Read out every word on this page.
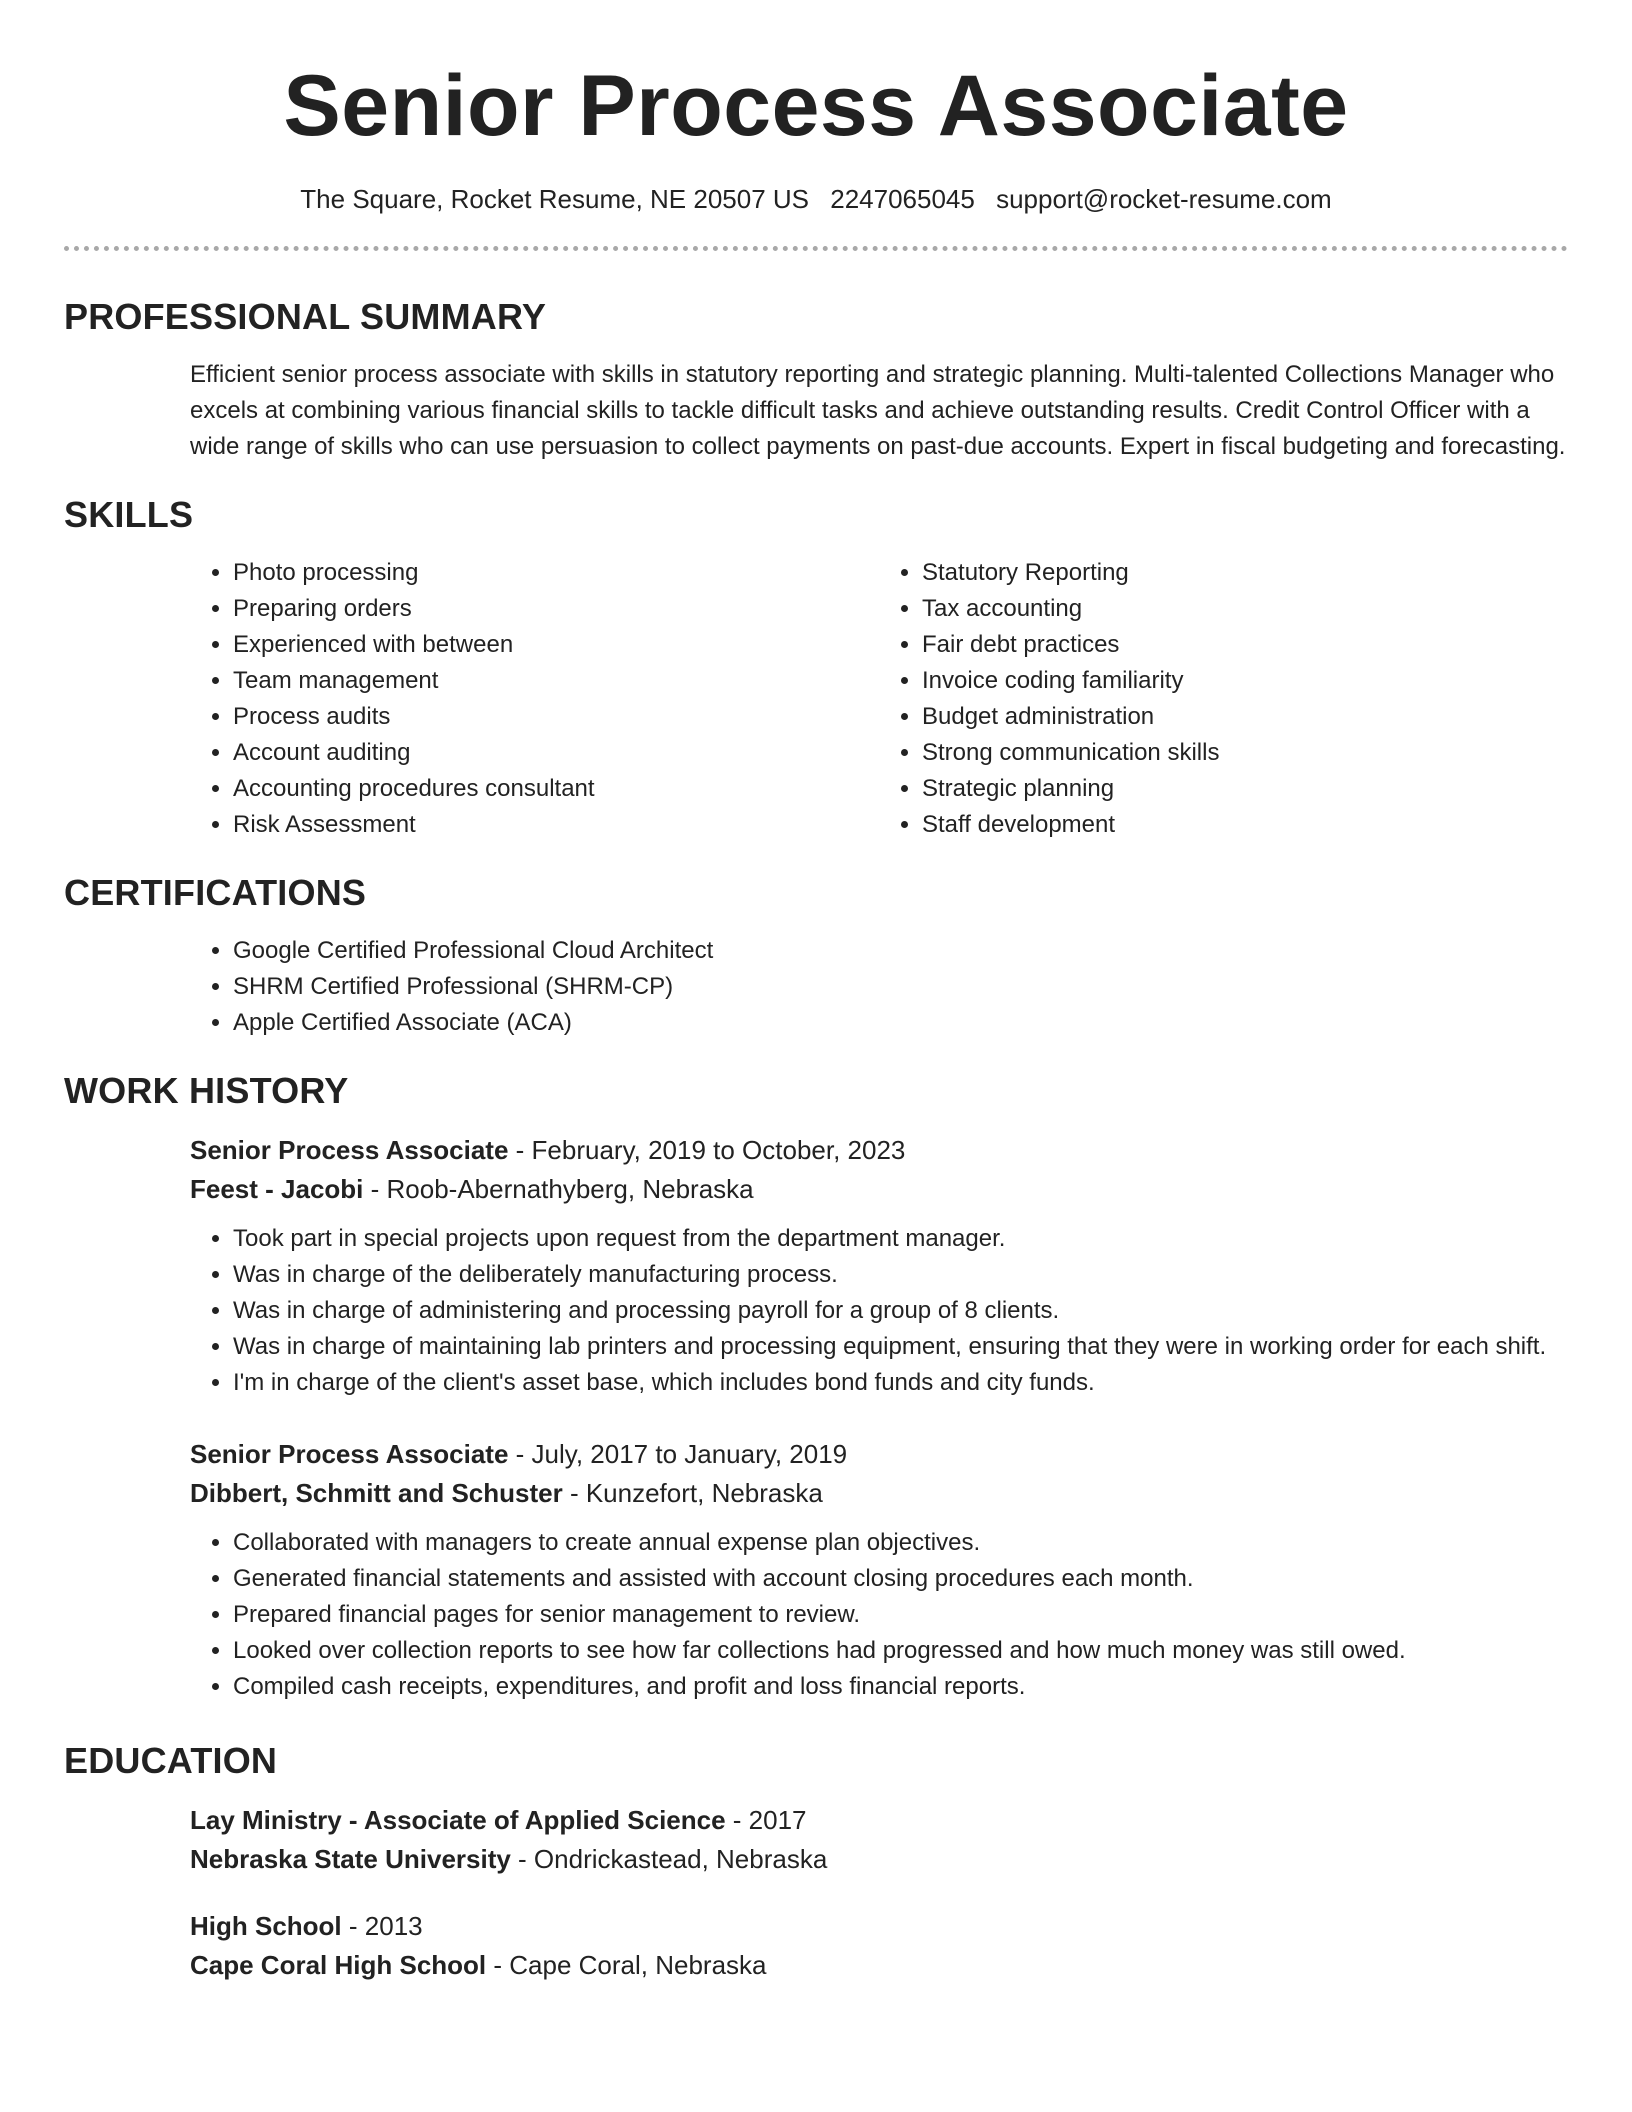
Senior Process Associate
The Square, Rocket Resume, NE 20507 US 2247065045 support@rocket-resume.com
PROFESSIONAL SUMMARY

Efficient senior process associate with skills in statutory reporting and strategic planning. Multi-talented Collections Manager who excels at combining various financial skills to tackle difficult tasks and achieve outstanding results. Credit Control Officer with a wide range of skills who can use persuasion to collect payments on past-due accounts. Expert in fiscal budgeting and forecasting.

SKILLS
• Photo processing
• Preparing orders
• Experienced with between
• Team management
• Process audits
• Account auditing
• Accounting procedures consultant
• Risk Assessment
• Statutory Reporting
• Tax accounting
• Fair debt practices
• Invoice coding familiarity
• Budget administration
• Strong communication skills
• Strategic planning
• Staff development
CERTIFICATIONS
• Google Certified Professional Cloud Architect
• SHRM Certified Professional (SHRM-CP)
• Apple Certified Associate (ACA)
WORK HISTORY
Senior Process Associate - February, 2019 to October, 2023
Feest - Jacobi - Roob-Abernathyberg, Nebraska
• Took part in special projects upon request from the department manager.
• Was in charge of the deliberately manufacturing process.
• Was in charge of administering and processing payroll for a group of 8 clients.
• Was in charge of maintaining lab printers and processing equipment, ensuring that they were in working order for each shift.
• I'm in charge of the client's asset base, which includes bond funds and city funds.
Senior Process Associate - July, 2017 to January, 2019
Dibbert, Schmitt and Schuster - Kunzefort, Nebraska
• Collaborated with managers to create annual expense plan objectives.
• Generated financial statements and assisted with account closing procedures each month.
• Prepared financial pages for senior management to review.
• Looked over collection reports to see how far collections had progressed and how much money was still owed.
• Compiled cash receipts, expenditures, and profit and loss financial reports.
EDUCATION
Lay Ministry - Associate of Applied Science - 2017
Nebraska State University - Ondrickastead, Nebraska
High School - 2013
Cape Coral High School - Cape Coral, Nebraska
